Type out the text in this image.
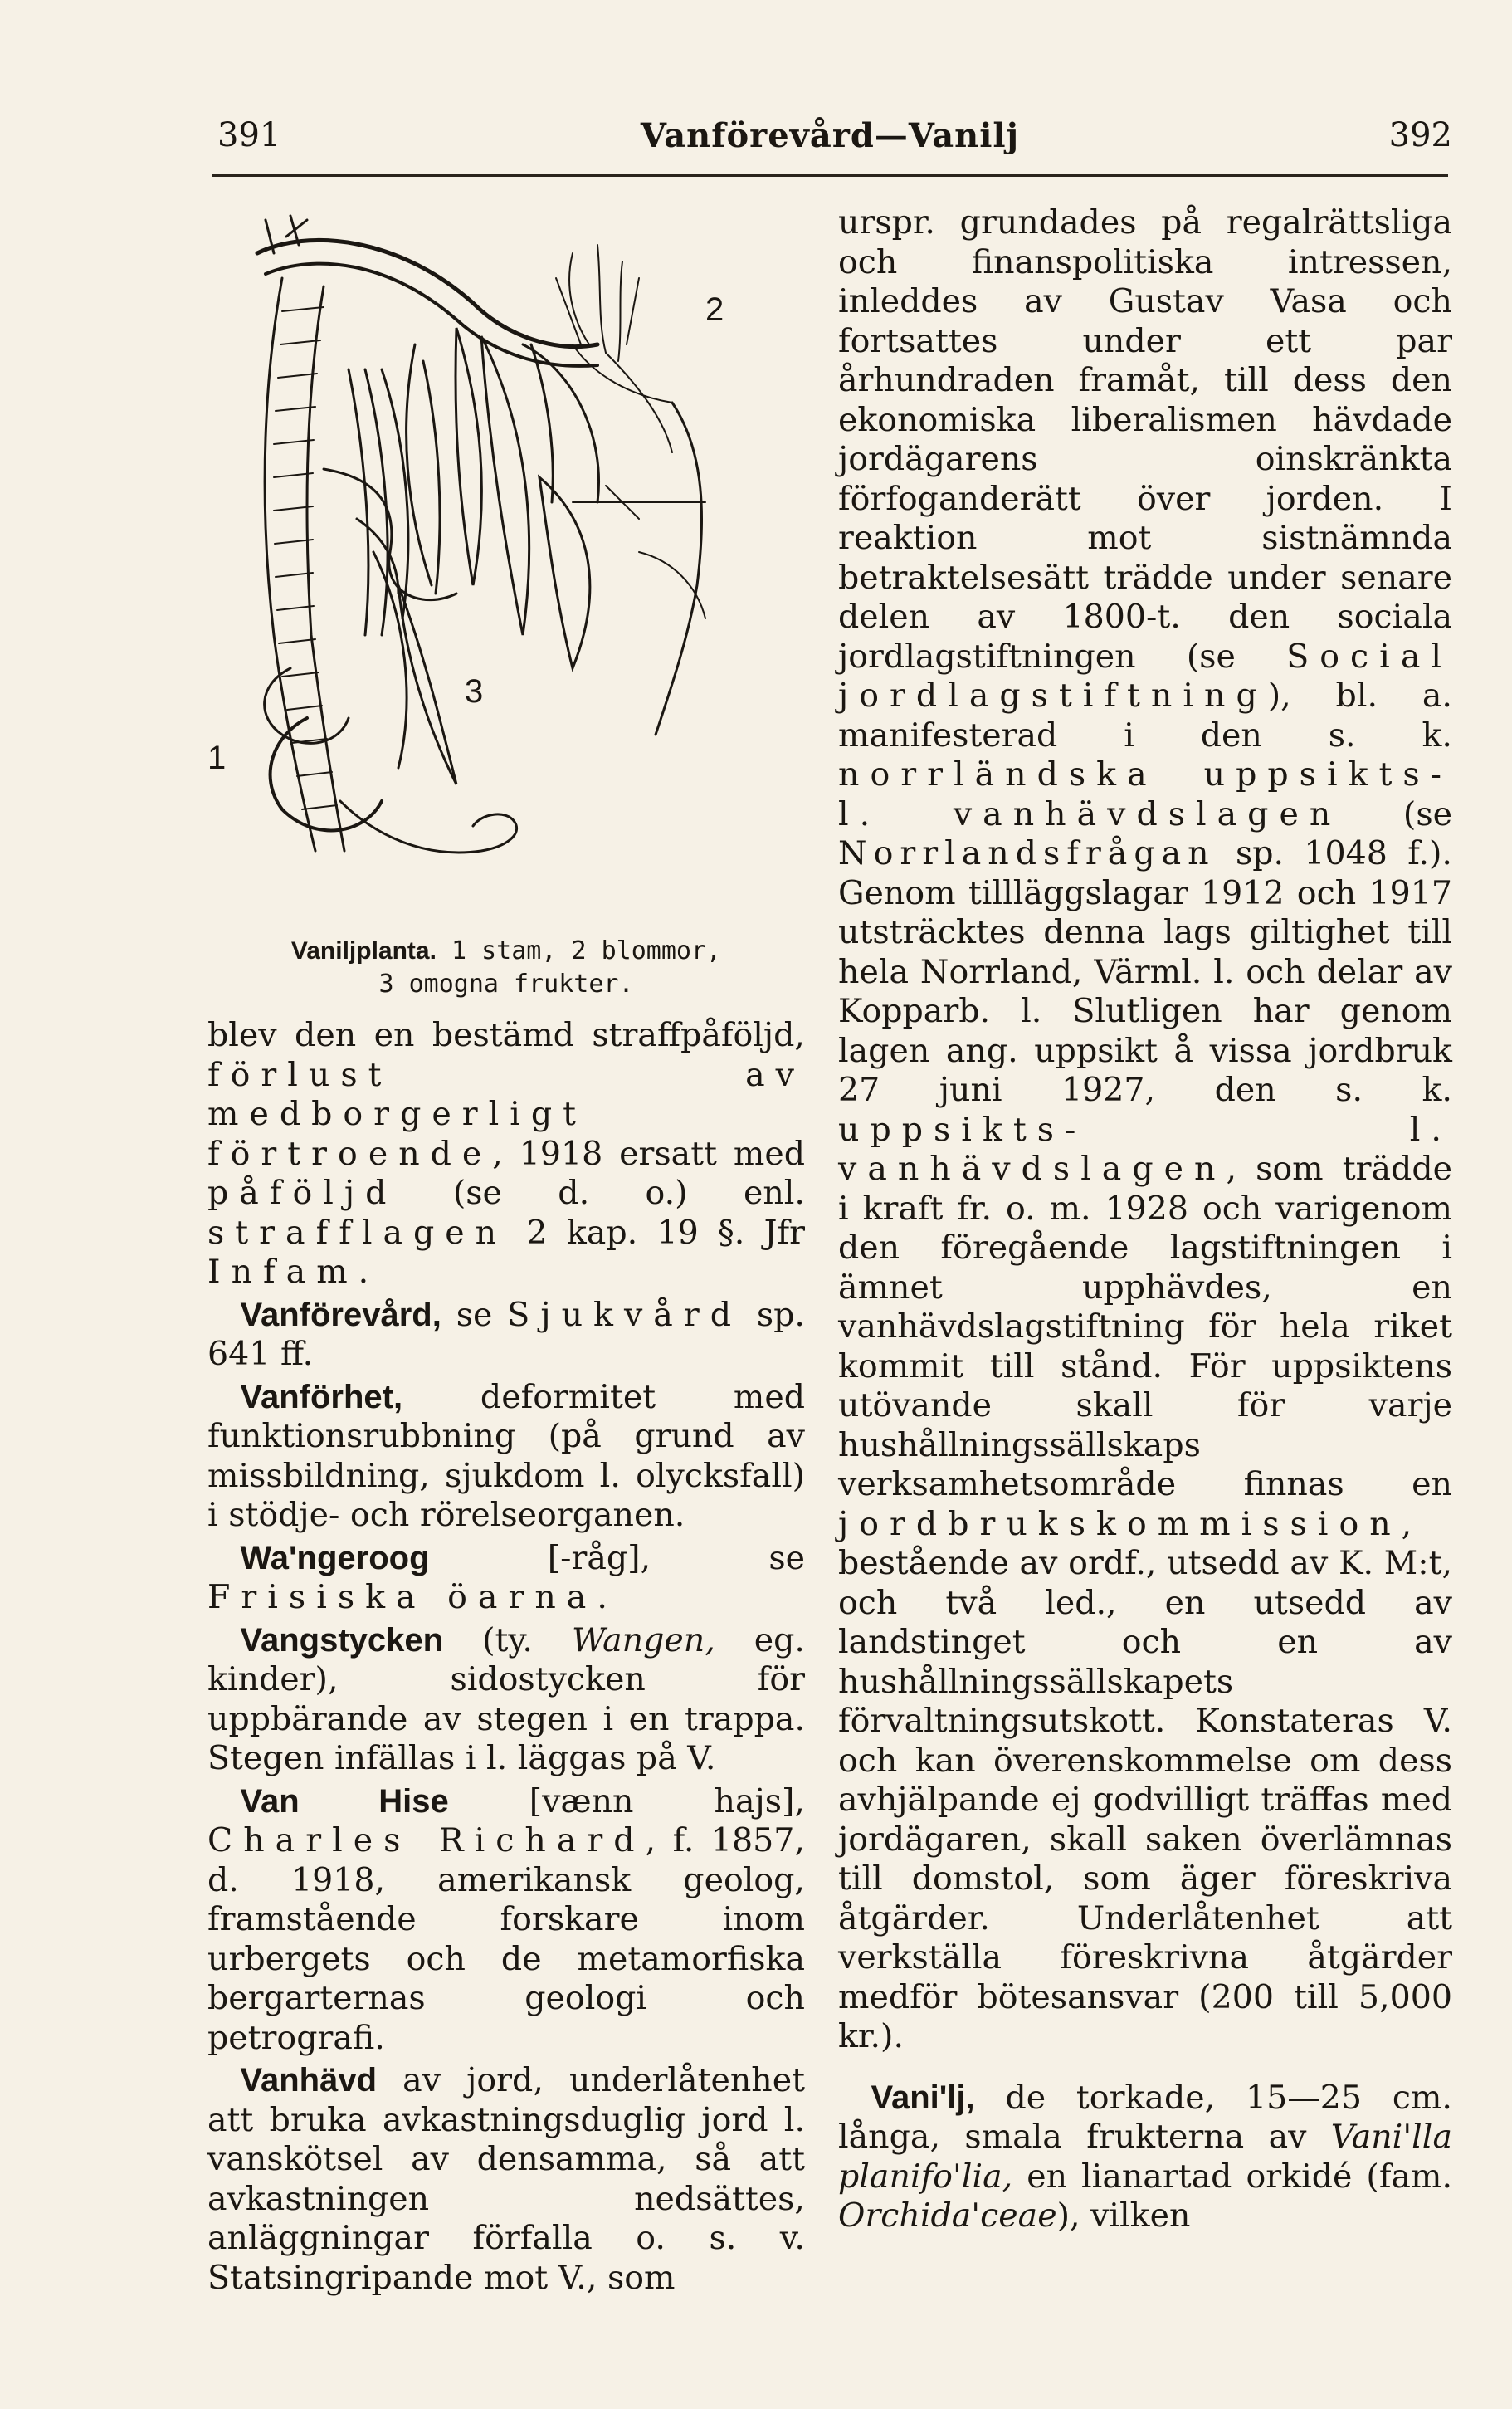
391	Vanförevård—Vanilj	392
2
3
1
Vaniljplanta. 1 stam, 2 blommor,
3 omogna frukter.

blev den en bestämd straffpåföljd, förlust av medborgerligt förtroende, 1918 ersatt med påföljd (se d. o.) enl. strafflagen 2 kap. 19 §. Jfr Infam.

 Vanförevård, se Sjukvård sp. 641 ff.

 Vanförhet, deformitet med funktionsrubbning (på grund av missbildning, sjukdom l. olycksfall) i stödje- och rörelseorganen.

 Wa'ngeroog [-råg], se Frisiska öarna.

 Vangstycken (ty. Wangen, eg. kinder), sidostycken för uppbärande av stegen i en trappa. Stegen infällas i l. läggas på V.

 Van Hise [vænn hajs], Charles Richard, f. 1857, d. 1918, amerikansk geolog, framstående forskare inom urbergets och de metamorfiska bergarternas geologi och petrografi.

 Vanhävd av jord, underlåtenhet att bruka avkastningsduglig jord l. vanskötsel av densamma, så att avkastningen nedsättes, anläggningar förfalla o. s. v. Statsingripande mot V., som

urspr. grundades på regalrättsliga och finanspolitiska intressen, inleddes av Gustav Vasa och fortsattes under ett par århundraden framåt, till dess den ekonomiska liberalismen hävdade jordägarens oinskränkta förfoganderätt över jorden. I reaktion mot sistnämnda betraktelsesätt trädde under senare delen av 1800-t. den sociala jordlagstiftningen (se Social jordlagstiftning), bl. a. manifesterad i den s. k. norrländska uppsikts- l. vanhävdslagen (se Norrlandsfrågan sp. 1048 f.). Genom tillläggslagar 1912 och 1917 utsträcktes denna lags giltighet till hela Norrland, Värml. l. och delar av Kopparb. l. Slutligen har genom lagen ang. uppsikt å vissa jordbruk 27 juni 1927, den s. k. uppsikts- l. vanhävdslagen, som trädde i kraft fr. o. m. 1928 och varigenom den föregående lagstiftningen i ämnet upphävdes, en vanhävdslagstiftning för hela riket kommit till stånd. För uppsiktens utövande skall för varje hushållningssällskaps verksamhetsområde finnas en jordbrukskommission, bestående av ordf., utsedd av K. M:t, och två led., en utsedd av landstinget och en av hushållningssällskapets förvaltningsutskott. Konstateras V. och kan överenskommelse om dess avhjälpande ej godvilligt träffas med jordägaren, skall saken överlämnas till domstol, som äger föreskriva åtgärder. Underlåtenhet att verkställa föreskrivna åtgärder medför bötesansvar (200 till 5,000 kr.).

 Vani'lj, de torkade, 15—25 cm. långa, smala frukterna av Vani'lla planifo'lia, en lianartad orkidé (fam. Orchida'ceae), vilken
